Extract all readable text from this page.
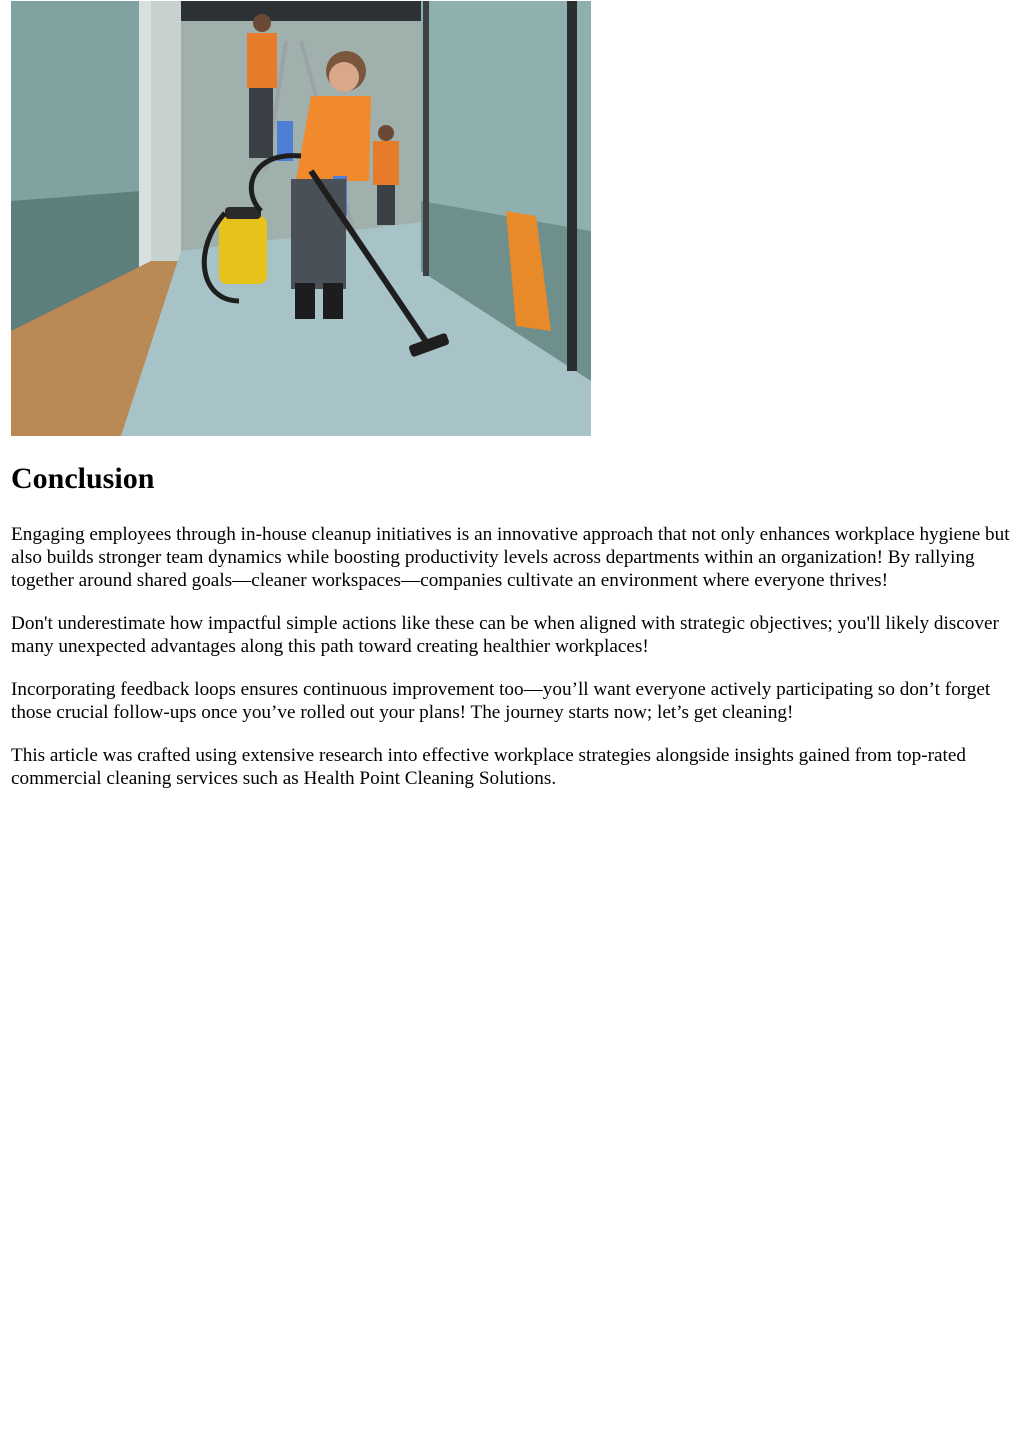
Conclusion

Engaging employees through in-house cleanup initiatives is an innovative approach that not only enhances workplace hygiene but also builds stronger team dynamics while boosting productivity levels across departments within an organization! By rallying together around shared goals—cleaner workspaces—companies cultivate an environment where everyone thrives!

Don't underestimate how impactful simple actions like these can be when aligned with strategic objectives; you'll likely discover many unexpected advantages along this path toward creating healthier workplaces!

Incorporating feedback loops ensures continuous improvement too—you’ll want everyone actively participating so don’t forget those crucial follow-ups once you’ve rolled out your plans! The journey starts now; let’s get cleaning!

This article was crafted using extensive research into effective workplace strategies alongside insights gained from top-rated commercial cleaning services such as Health Point Cleaning Solutions.
